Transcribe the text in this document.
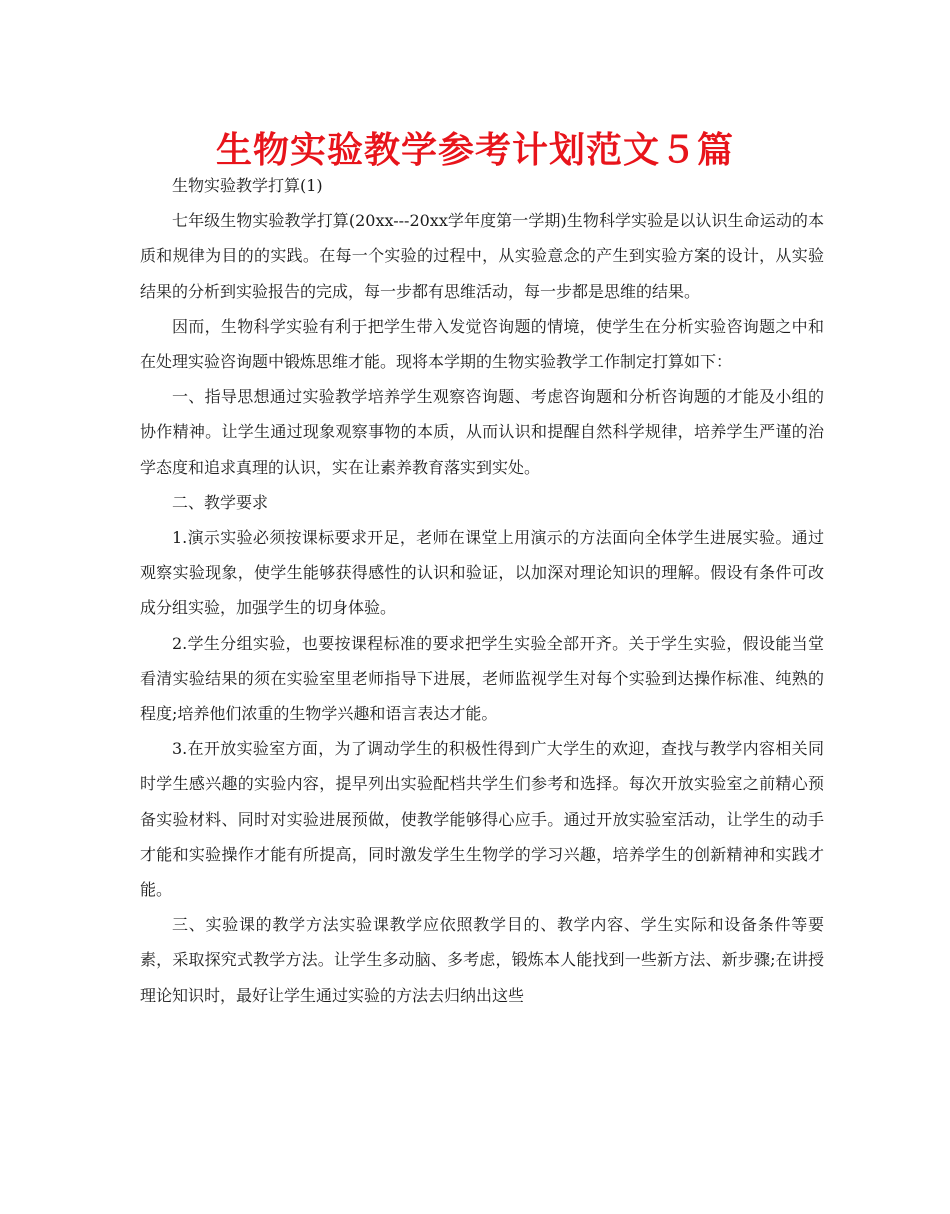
生物实验教学参考计划范文５篇

生物实验教学打算(1)

七年级生物实验教学打算(20xx---20xx学年度第一学期)生物科学实验是以认识生命运动的本质和规律为目的的实践。在每一个实验的过程中，从实验意念的产生到实验方案的设计，从实验结果的分析到实验报告的完成，每一步都有思维活动，每一步都是思维的结果。

因而，生物科学实验有利于把学生带入发觉咨询题的情境，使学生在分析实验咨询题之中和在处理实验咨询题中锻炼思维才能。现将本学期的生物实验教学工作制定打算如下：

一、指导思想通过实验教学培养学生观察咨询题、考虑咨询题和分析咨询题的才能及小组的协作精神。让学生通过现象观察事物的本质，从而认识和提醒自然科学规律，培养学生严谨的治学态度和追求真理的认识，实在让素养教育落实到实处。

二、教学要求

1.演示实验必须按课标要求开足，老师在课堂上用演示的方法面向全体学生进展实验。通过观察实验现象，使学生能够获得感性的认识和验证，以加深对理论知识的理解。假设有条件可改成分组实验，加强学生的切身体验。

2.学生分组实验，也要按课程标准的要求把学生实验全部开齐。关于学生实验，假设能当堂看清实验结果的须在实验室里老师指导下进展，老师监视学生对每个实验到达操作标准、纯熟的程度;培养他们浓重的生物学兴趣和语言表达才能。

3.在开放实验室方面，为了调动学生的积极性得到广大学生的欢迎，查找与教学内容相关同时学生感兴趣的实验内容，提早列出实验配档共学生们参考和选择。每次开放实验室之前精心预备实验材料、同时对实验进展预做，使教学能够得心应手。通过开放实验室活动，让学生的动手才能和实验操作才能有所提高，同时激发学生生物学的学习兴趣，培养学生的创新精神和实践才能。

三、实验课的教学方法实验课教学应依照教学目的、教学内容、学生实际和设备条件等要素，采取探究式教学方法。让学生多动脑、多考虑，锻炼本人能找到一些新方法、新步骤;在讲授理论知识时，最好让学生通过实验的方法去归纳出这些
